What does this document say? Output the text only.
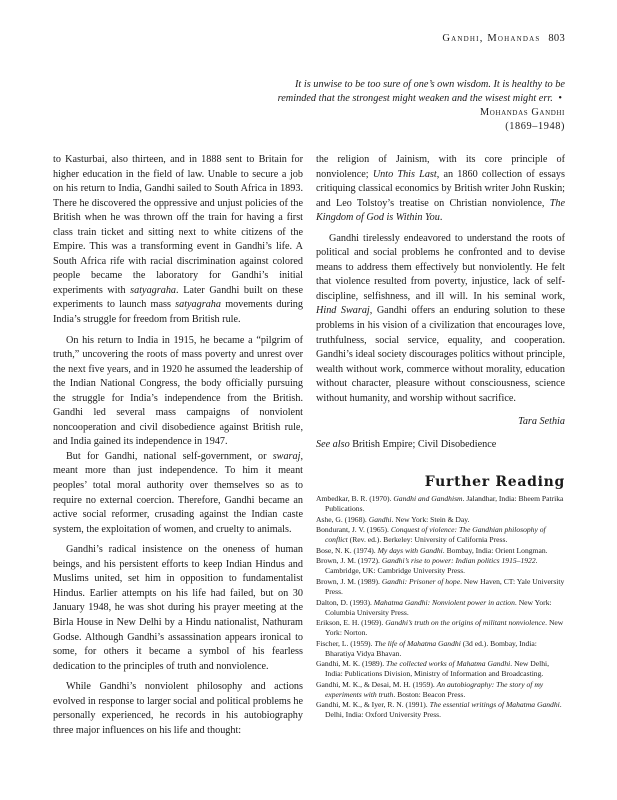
Gandhi, Mohandas 803
It is unwise to be too sure of one’s own wisdom. It is healthy to be reminded that the strongest might weaken and the wisest might err. • Mohandas Gandhi
(1869–1948)

to Kasturbai, also thirteen, and in 1888 sent to Britain for higher education in the field of law. Unable to secure a job on his return to India, Gandhi sailed to South Africa in 1893. There he discovered the oppressive and unjust policies of the British when he was thrown off the train for having a first class train ticket and sitting next to white citizens of the Empire. This was a transforming event in Gandhi’s life. A South Africa rife with racial discrimination against colored people became the laboratory for Gandhi’s initial experiments with satyagraha. Later Gandhi built on these experiments to launch mass satyagraha movements during India’s struggle for freedom from British rule.

On his return to India in 1915, he became a “pilgrim of truth,” uncovering the roots of mass poverty and unrest over the next five years, and in 1920 he assumed the leadership of the Indian National Congress, the body officially pursuing the struggle for India’s independence from the British. Gandhi led several mass campaigns of nonviolent noncooperation and civil disobedience against British rule, and India gained its independence in 1947.

But for Gandhi, national self-government, or swaraj, meant more than just independence. To him it meant peoples’ total moral authority over themselves so as to require no external coercion. Therefore, Gandhi became an active social reformer, crusading against the Indian caste system, the exploitation of women, and cruelty to animals.

Gandhi’s radical insistence on the oneness of human beings, and his persistent efforts to keep Indian Hindus and Muslims united, set him in opposition to fundamentalist Hindus. Earlier attempts on his life had failed, but on 30 January 1948, he was shot during his prayer meeting at the Birla House in New Delhi by a Hindu nationalist, Nathuram Godse. Although Gandhi’s assassination appears ironical to some, for others it became a symbol of his fearless dedication to the principles of truth and nonviolence.

While Gandhi’s nonviolent philosophy and actions evolved in response to larger social and political problems he personally experienced, he records in his autobiography three major influences on his life and thought:

the religion of Jainism, with its core principle of nonviolence; Unto This Last, an 1860 collection of essays critiquing classical economics by British writer John Ruskin; and Leo Tolstoy’s treatise on Christian nonviolence, The Kingdom of God is Within You.

Gandhi tirelessly endeavored to understand the roots of political and social problems he confronted and to devise means to address them effectively but nonviolently. He felt that violence resulted from poverty, injustice, lack of self-discipline, selfishness, and ill will. In his seminal work, Hind Swaraj, Gandhi offers an enduring solution to these problems in his vision of a civilization that encourages love, truthfulness, social service, equality, and cooperation. Gandhi’s ideal society discourages politics without principle, wealth without work, commerce without morality, education without character, pleasure without consciousness, science without humanity, and worship without sacrifice.

Tara Sethia
See also British Empire; Civil Disobedience
Further Reading
Ambedkar, B. R. (1970). Gandhi and Gandhism. Jalandhar, India: Bheem Patrika Publications.
Ashe, G. (1968). Gandhi. New York: Stein & Day.
Bondurant, J. V. (1965). Conquest of violence: The Gandhian philosophy of conflict (Rev. ed.). Berkeley: University of California Press.
Bose, N. K. (1974). My days with Gandhi. Bombay, India: Orient Longman.
Brown, J. M. (1972). Gandhi’s rise to power: Indian politics 1915–1922. Cambridge, UK: Cambridge University Press.
Brown, J. M. (1989). Gandhi: Prisoner of hope. New Haven, CT: Yale University Press.
Dalton, D. (1993). Mahatma Gandhi: Nonviolent power in action. New York: Columbia University Press.
Erikson, E. H. (1969). Gandhi’s truth on the origins of militant nonviolence. New York: Norton.
Fischer, L. (1959). The life of Mahatma Gandhi (3d ed.). Bombay, India: Bharatiya Vidya Bhavan.
Gandhi, M. K. (1989). The collected works of Mahatma Gandhi. New Delhi, India: Publications Division, Ministry of Information and Broadcasting.
Gandhi, M. K., & Desai, M. H. (1959). An autobiography: The story of my experiments with truth. Boston: Beacon Press.
Gandhi, M. K., & Iyer, R. N. (1991). The essential writings of Mahatma Gandhi. Delhi, India: Oxford University Press.
